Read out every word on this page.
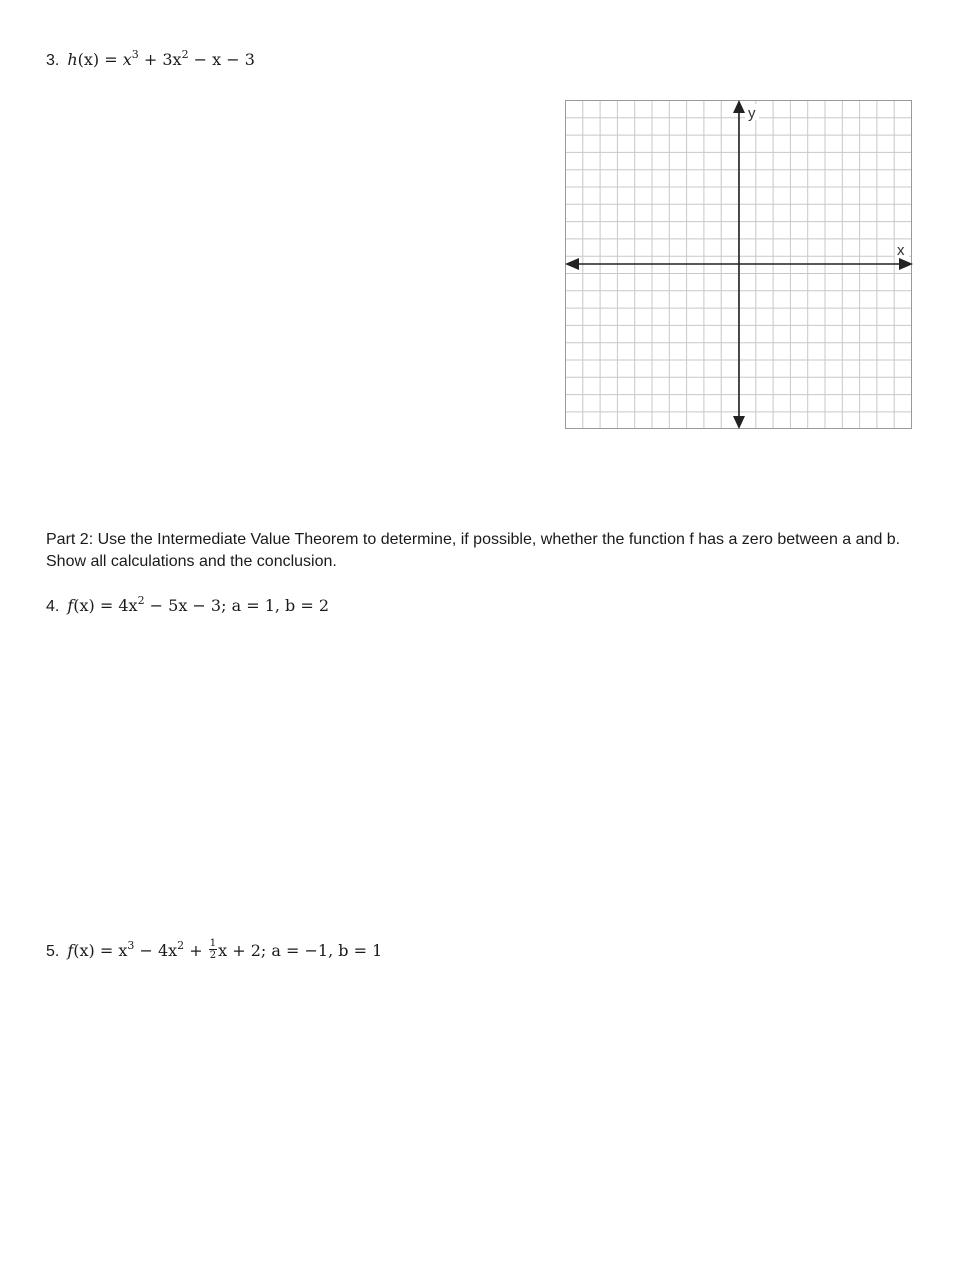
3. $h(x) = x^3 + 3x^2 - x - 3$
y
x
Part 2: Use the Intermediate Value Theorem to determine, if possible, whether the function f has a zero between a and b. Show all calculations and the conclusion.
4. $f(x) = 4x^2 - 5x - 3$; a = 1, b = 2
5. $f(x) = x^3 - 4x^2 + \frac{1}{2}$ x + 2; a = −1, b = 1
